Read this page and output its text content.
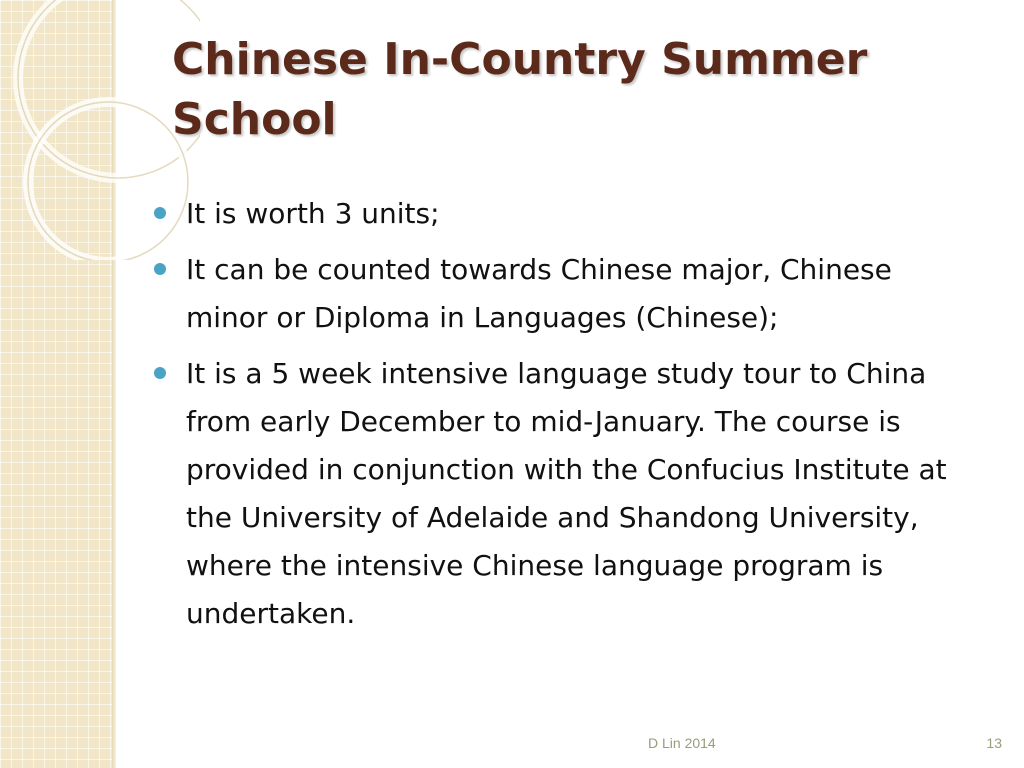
Chinese In-Country Summer School
It is worth 3 units;
It can be counted towards Chinese major, Chinese minor or Diploma in Languages (Chinese);
It is a 5 week intensive language study tour to China from early December to mid-January. The course is provided in conjunction with the Confucius Institute at the University of Adelaide and Shandong University, where the intensive Chinese language program is undertaken.
D Lin 2014	13
